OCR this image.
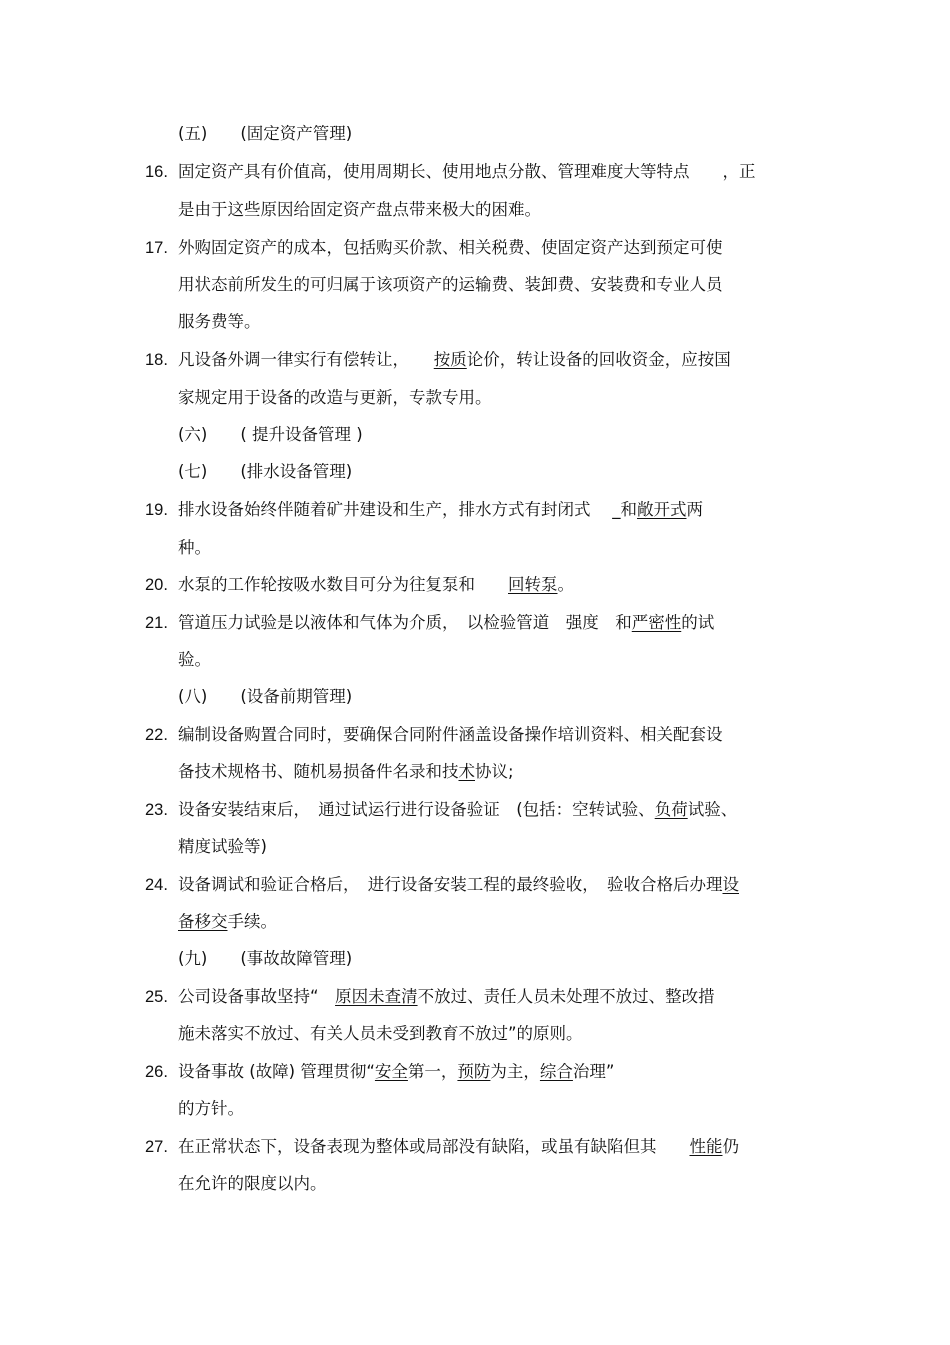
(五)　　(固定资产管理)
16. 固定资产具有价值高，使用周期长、使用地点分散、管理难度大等特点　　，正
是由于这些原因给固定资产盘点带来极大的困难。
17. 外购固定资产的成本，包括购买价款、相关税费、使固定资产达到预定可使
用状态前所发生的可归属于该项资产的运输费、装卸费、安装费和专业人员
服务费等。
18. 凡设备外调一律实行有偿转让，　　按质论价，转让设备的回收资金，应按国
家规定用于设备的改造与更新，专款专用。
(六)　　( 提升设备管理 )
(七)　　(排水设备管理)
19. 排水设备始终伴随着矿井建设和生产，排水方式有封闭式　 _和敞开式两
种。
20. 水泵的工作轮按吸水数目可分为往复泵和　　回转泵。
21. 管道压力试验是以液体和气体为介质，　以检验管道　强度　和严密性的试
验。
(八)　　(设备前期管理)
22. 编制设备购置合同时，要确保合同附件涵盖设备操作培训资料、相关配套设
备技术规格书、随机易损备件名录和技术协议;
23. 设备安装结束后，　通过试运行进行设备验证　(包括：空转试验、负荷试验、
精度试验等)
24. 设备调试和验证合格后，　进行设备安装工程的最终验收，　验收合格后办理设
备移交手续。
(九)　　(事故故障管理)
25. 公司设备事故坚持“　原因未查清不放过、责任人员未处理不放过、整改措
施未落实不放过、有关人员未受到教育不放过”的原则。
26. 设备事故 (故障) 管理贯彻“安全第一，预防为主，综合治理”
的方针。
27. 在正常状态下，设备表现为整体或局部没有缺陷，或虽有缺陷但其　　性能仍
在允许的限度以内。
